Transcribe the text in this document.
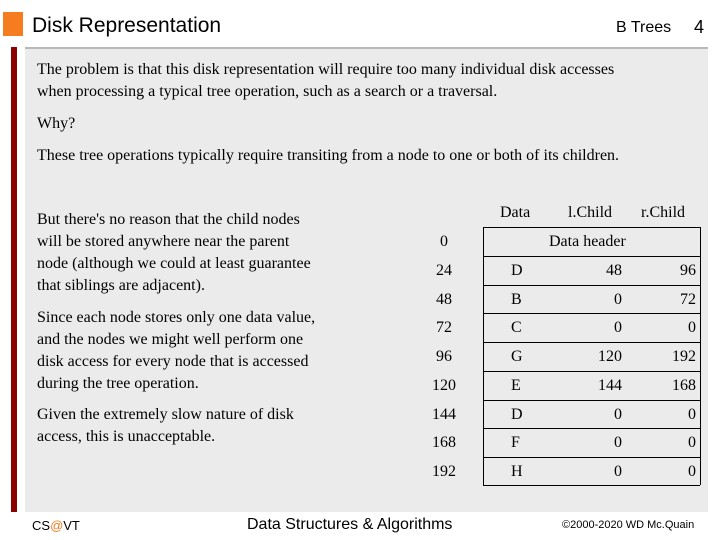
Disk Representation	B Trees 4
The problem is that this disk representation will require too many individual disk accesses
when processing a typical tree operation, such as a search or a traversal.
Why?
These tree operations typically require transiting from a node to one or both of its children.
But there's no reason that the child nodes
will be stored anywhere near the parent
node (although we could at least guarantee
that siblings are adjacent).
Since each node stores only one data value,
and the nodes we might well perform one
disk access for every node that is accessed
during the tree operation.
Given the extremely slow nature of disk
access, this is unacceptable.
Data l.Child r.Child
0	Data header
24	D	48	96
48	B	0	72
72	C	0	0
96	G	120	192
120	E	144	168
144	D	0	0
168	F	0	0
192	H	0	0
CS@VT	Data Structures & Algorithms	©2000-2020 WD Mc.Quain
